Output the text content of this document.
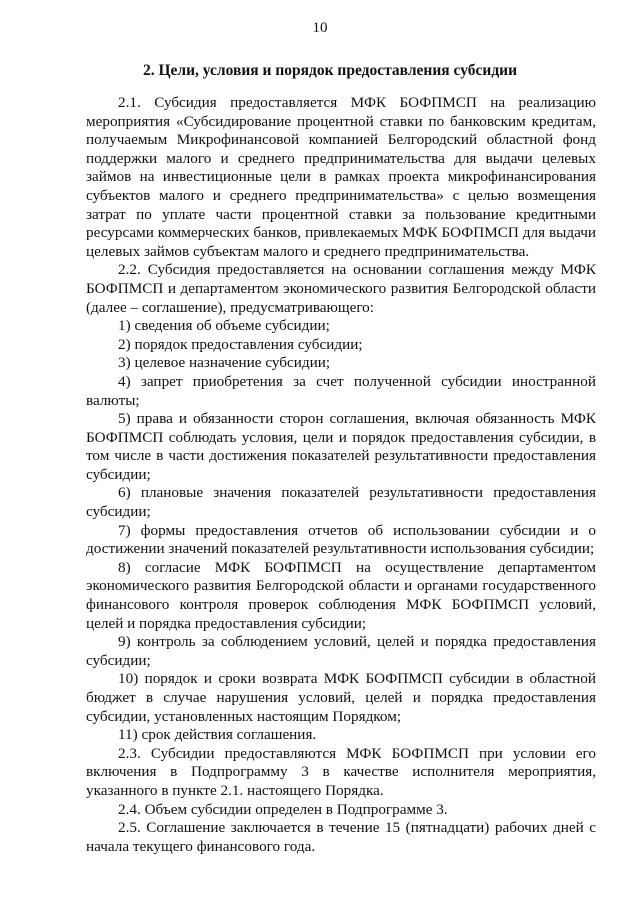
10
2. Цели, условия и порядок предоставления субсидии

2.1. Субсидия предоставляется МФК БОФПМСП на реализацию мероприятия «Субсидирование процентной ставки по банковским кредитам, получаемым Микрофинансовой компанией Белгородский областной фонд поддержки малого и среднего предпринимательства для выдачи целевых займов на инвестиционные цели в рамках проекта микрофинансирования субъектов малого и среднего предпринимательства» с целью возмещения затрат по уплате части процентной ставки за пользование кредитными ресурсами коммерческих банков, привлекаемых МФК БОФПМСП для выдачи целевых займов субъектам малого и среднего предпринимательства.

2.2. Субсидия предоставляется на основании соглашения между МФК БОФПМСП и департаментом экономического развития Белгородской области (далее – соглашение), предусматривающего:

1) сведения об объеме субсидии;

2) порядок предоставления субсидии;

3) целевое назначение субсидии;

4) запрет приобретения за счет полученной субсидии иностранной валюты;

5) права и обязанности сторон соглашения, включая обязанность МФК БОФПМСП соблюдать условия, цели и порядок предоставления субсидии, в том числе в части достижения показателей результативности предоставления субсидии;

6) плановые значения показателей результативности предоставления субсидии;

7) формы предоставления отчетов об использовании субсидии и о достижении значений показателей результативности использования субсидии;

8) согласие МФК БОФПМСП на осуществление департаментом экономического развития Белгородской области и органами государственного финансового контроля проверок соблюдения МФК БОФПМСП условий, целей и порядка предоставления субсидии;

9) контроль за соблюдением условий, целей и порядка предоставления субсидии;

10) порядок и сроки возврата МФК БОФПМСП субсидии в областной бюджет в случае нарушения условий, целей и порядка предоставления субсидии, установленных настоящим Порядком;

11) срок действия соглашения.

2.3. Субсидии предоставляются МФК БОФПМСП при условии его включения в Подпрограмму 3 в качестве исполнителя мероприятия, указанного в пункте 2.1. настоящего Порядка.

2.4. Объем субсидии определен в Подпрограмме 3.

2.5. Соглашение заключается в течение 15 (пятнадцати) рабочих дней с начала текущего финансового года.
